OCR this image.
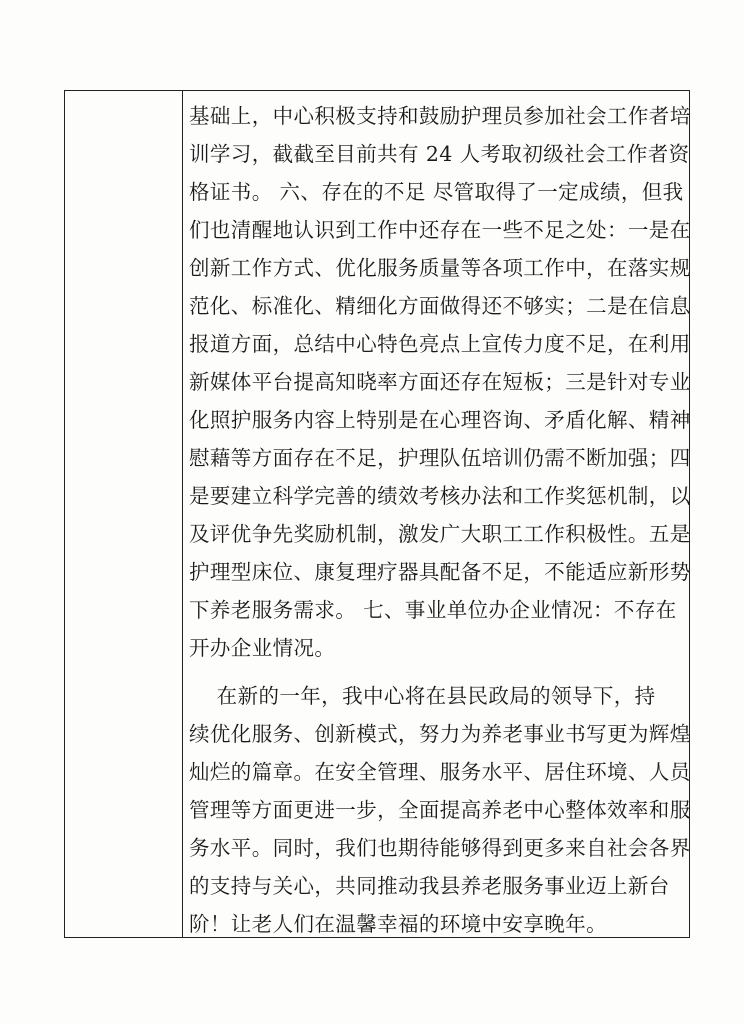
基础上，中心积极支持和鼓励护理员参加社会工作者培
训学习，截截至目前共有 24 人考取初级社会工作者资
格证书。 六、存在的不足 尽管取得了一定成绩，但我
们也清醒地认识到工作中还存在一些不足之处：一是在
创新工作方式、优化服务质量等各项工作中，在落实规
范化、标准化、精细化方面做得还不够实；二是在信息
报道方面，总结中心特色亮点上宣传力度不足，在利用
新媒体平台提高知晓率方面还存在短板；三是针对专业
化照护服务内容上特别是在心理咨询、矛盾化解、精神
慰藉等方面存在不足，护理队伍培训仍需不断加强；四
是要建立科学完善的绩效考核办法和工作奖惩机制，以
及评优争先奖励机制，激发广大职工工作积极性。五是
护理型床位、康复理疗器具配备不足，不能适应新形势
下养老服务需求。 七、事业单位办企业情况：不存在
开办企业情况。
在新的一年，我中心将在县民政局的领导下，持
续优化服务、创新模式，努力为养老事业书写更为辉煌
灿烂的篇章。在安全管理、服务水平、居住环境、人员
管理等方面更进一步，全面提高养老中心整体效率和服
务水平。同时，我们也期待能够得到更多来自社会各界
的支持与关心，共同推动我县养老服务事业迈上新台
阶！让老人们在温馨幸福的环境中安享晚年。
